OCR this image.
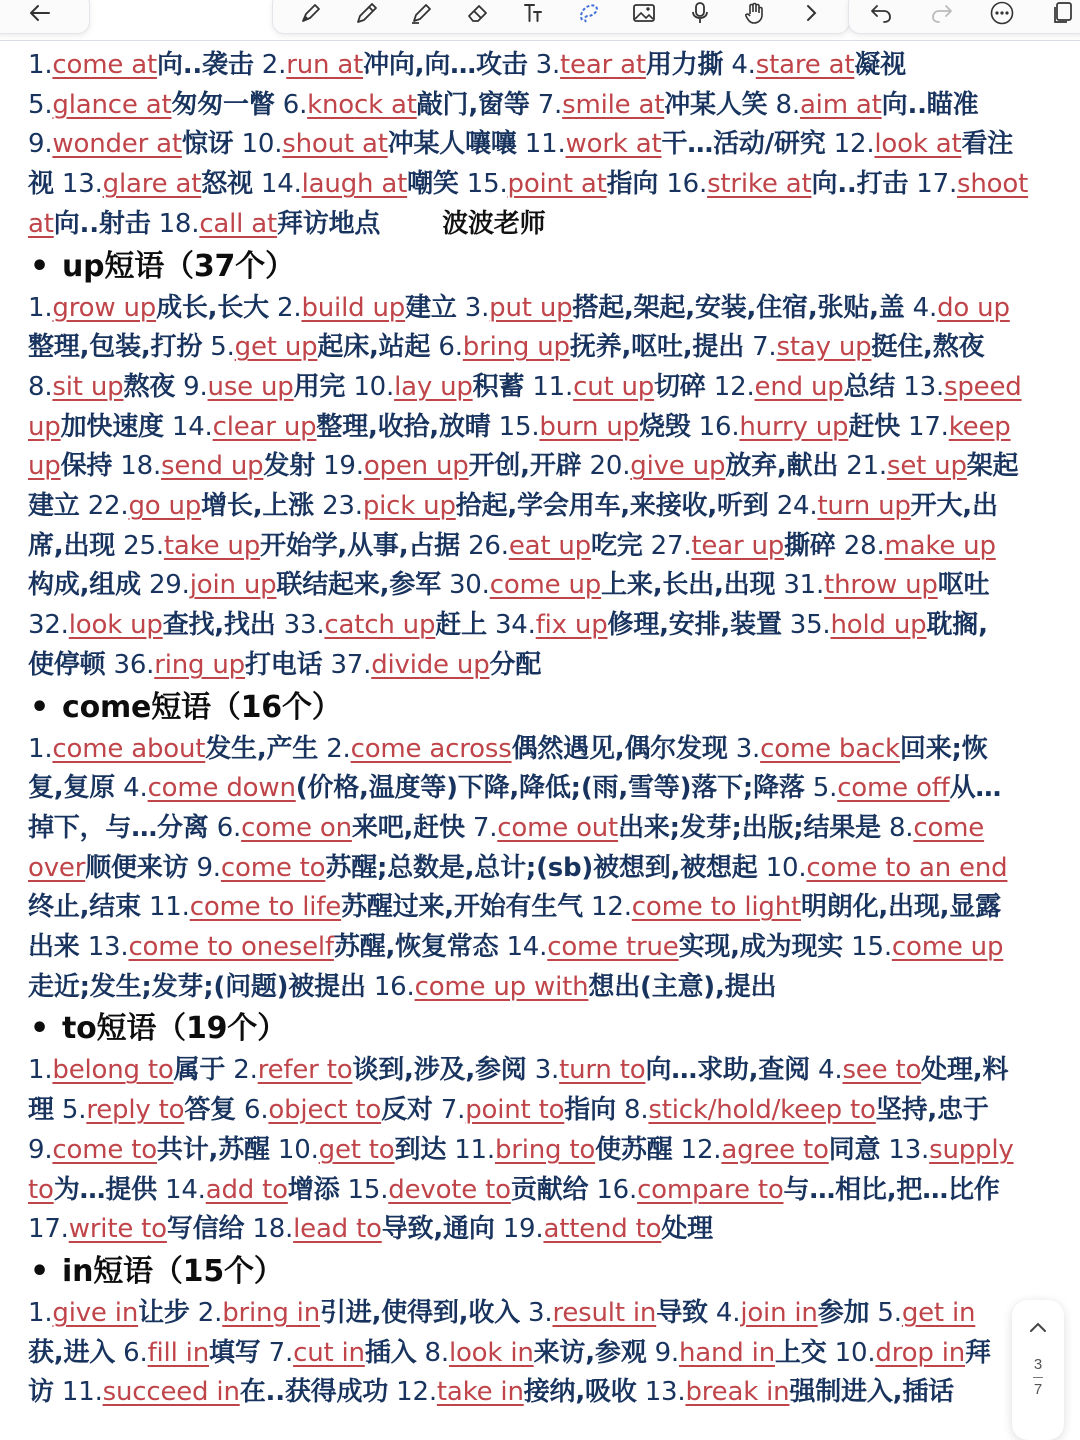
1.come at向..袭击 2.run at冲向,向…攻击 3.tear at用力撕 4.stare at凝视

5.glance at匆匆一瞥 6.knock at敲门,窗等 7.smile at冲某人笑 8.aim at向..瞄准

9.wonder at惊讶 10.shout at冲某人嚷嚷 11.work at干…活动/研究 12.look at看注

视 13.glare at怒视 14.laugh at嘲笑 15.point at指向 16.strike at向..打击 17.shoot

at向..射击 18.call at拜访地点 波波老师

• up短语（37个）

1.grow up成长,长大 2.build up建立 3.put up搭起,架起,安装,住宿,张贴,盖 4.do up

整理,包装,打扮 5.get up起床,站起 6.bring up抚养,呕吐,提出 7.stay up挺住,熬夜

8.sit up熬夜 9.use up用完 10.lay up积蓄 11.cut up切碎 12.end up总结 13.speed

up加快速度 14.clear up整理,收拾,放晴 15.burn up烧毁 16.hurry up赶快 17.keep

up保持 18.send up发射 19.open up开创,开辟 20.give up放弃,献出 21.set up架起

建立 22.go up增长,上涨 23.pick up拾起,学会用车,来接收,听到 24.turn up开大,出

席,出现 25.take up开始学,从事,占据 26.eat up吃完 27.tear up撕碎 28.make up

构成,组成 29.join up联结起来,参军 30.come up上来,长出,出现 31.throw up呕吐

32.look up查找,找出 33.catch up赶上 34.fix up修理,安排,装置 35.hold up耽搁,

使停顿 36.ring up打电话 37.divide up分配

• come短语（16个）

1.come about发生,产生 2.come across偶然遇见,偶尔发现 3.come back回来;恢

复,复原 4.come down(价格,温度等)下降,降低;(雨,雪等)落下;降落 5.come off从…

掉下，与…分离 6.come on来吧,赶快 7.come out出来;发芽;出版;结果是 8.come

over顺便来访 9.come to苏醒;总数是,总计;(sb)被想到,被想起 10.come to an end

终止,结束 11.come to life苏醒过来,开始有生气 12.come to light明朗化,出现,显露

出来 13.come to oneself苏醒,恢复常态 14.come true实现,成为现实 15.come up

走近;发生;发芽;(问题)被提出 16.come up with想出(主意),提出

• to短语（19个）

1.belong to属于 2.refer to谈到,涉及,参阅 3.turn to向…求助,查阅 4.see to处理,料

理 5.reply to答复 6.object to反对 7.point to指向 8.stick/hold/keep to坚持,忠于

9.come to共计,苏醒 10.get to到达 11.bring to使苏醒 12.agree to同意 13.supply

to为…提供 14.add to增添 15.devote to贡献给 16.compare to与…相比,把…比作

17.write to写信给 18.lead to导致,通向 19.attend to处理

• in短语（15个）

1.give in让步 2.bring in引进,使得到,收入 3.result in导致 4.join in参加 5.get in

获,进入 6.fill in填写 7.cut in插入 8.look in来访,参观 9.hand in上交 10.drop in拜

访 11.succeed in在..获得成功 12.take in接纳,吸收 13.break in强制进入,插话

3
7
